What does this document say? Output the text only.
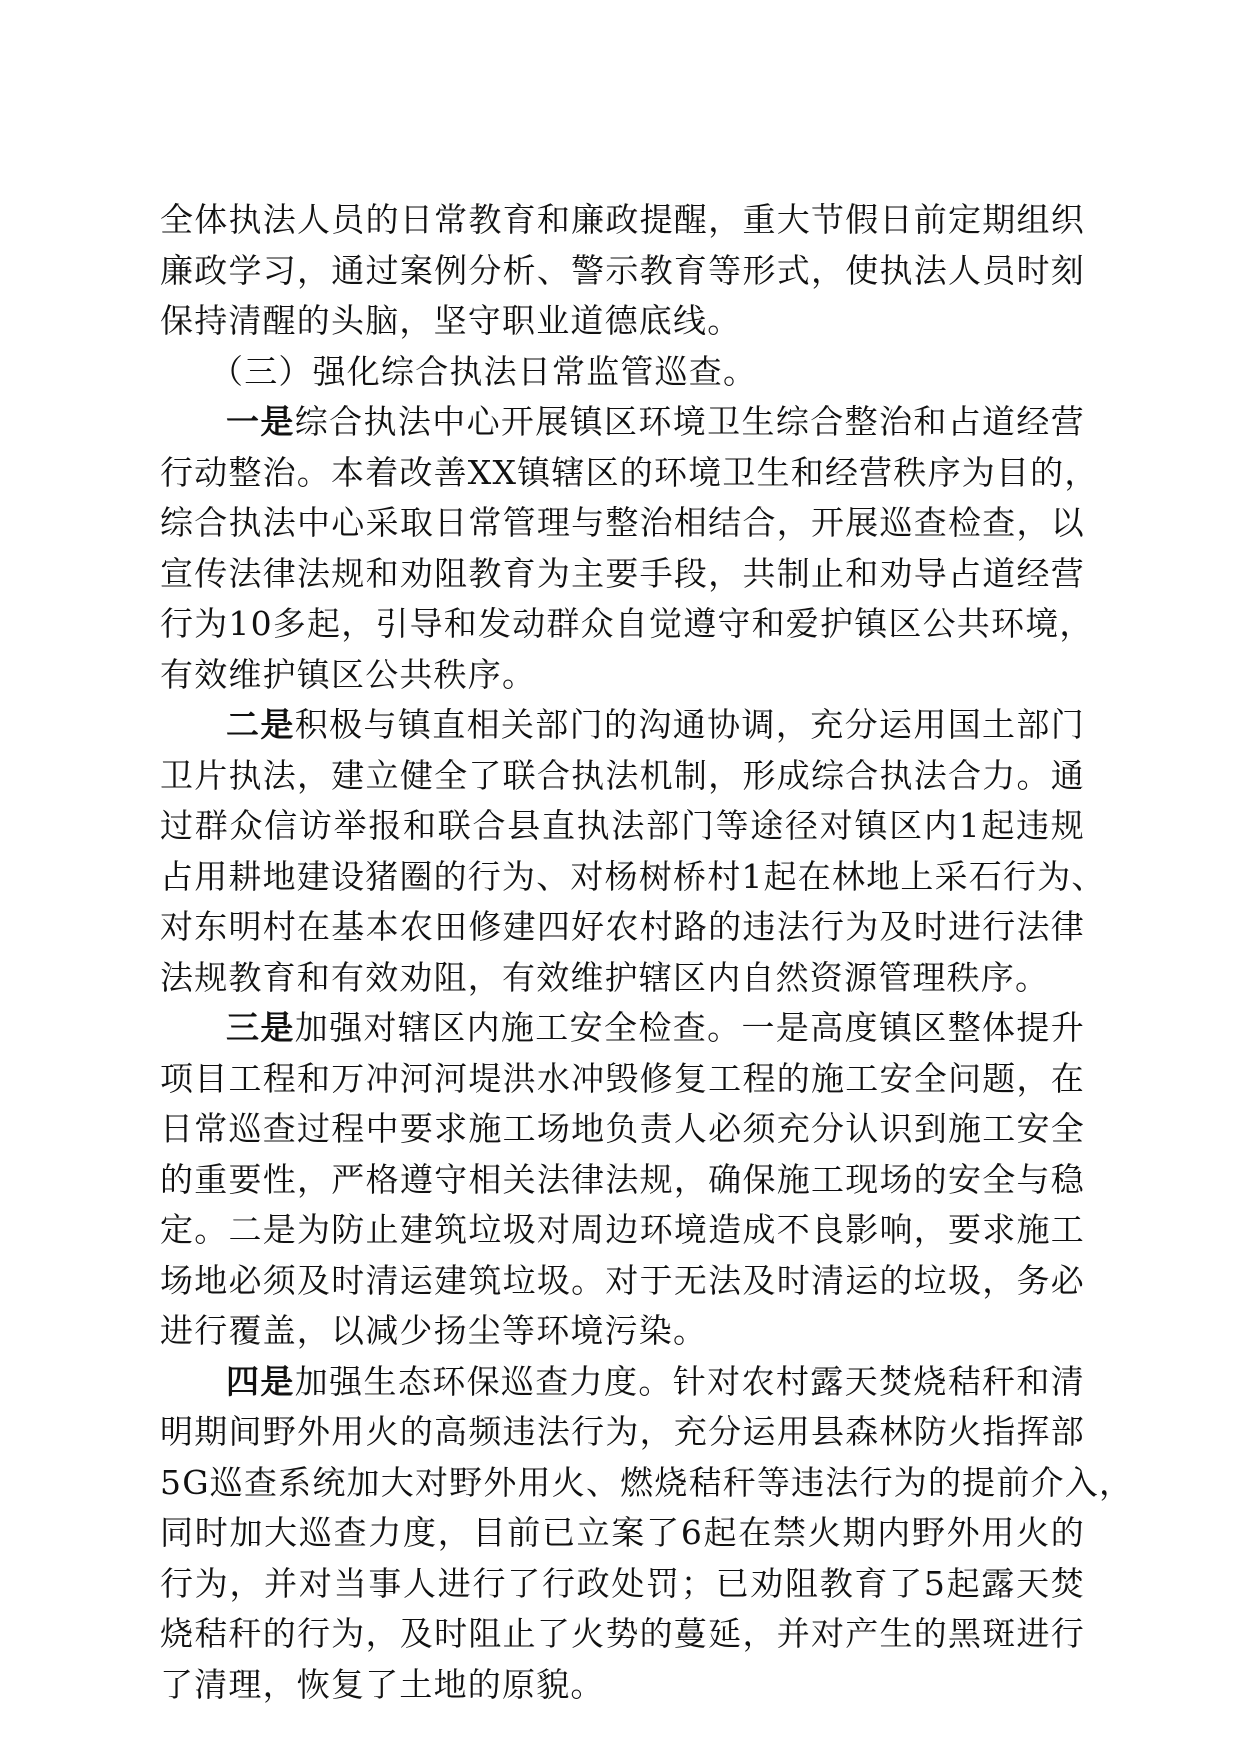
全体执法人员的日常教育和廉政提醒，重大节假日前定期组织
廉政学习，通过案例分析、警示教育等形式，使执法人员时刻
保持清醒的头脑，坚守职业道德底线。
（三）强化综合执法日常监管巡查。
一是综合执法中心开展镇区环境卫生综合整治和占道经营
行动整治。本着改善XX镇辖区的环境卫生和经营秩序为目的，
综合执法中心采取日常管理与整治相结合，开展巡查检查，以
宣传法律法规和劝阻教育为主要手段，共制止和劝导占道经营
行为10多起，引导和发动群众自觉遵守和爱护镇区公共环境，
有效维护镇区公共秩序。
二是积极与镇直相关部门的沟通协调，充分运用国土部门
卫片执法，建立健全了联合执法机制，形成综合执法合力。通
过群众信访举报和联合县直执法部门等途径对镇区内1起违规
占用耕地建设猪圈的行为、对杨树桥村1起在林地上采石行为、
对东明村在基本农田修建四好农村路的违法行为及时进行法律
法规教育和有效劝阻，有效维护辖区内自然资源管理秩序。
三是加强对辖区内施工安全检查。一是高度镇区整体提升
项目工程和万冲河河堤洪水冲毁修复工程的施工安全问题，在
日常巡查过程中要求施工场地负责人必须充分认识到施工安全
的重要性，严格遵守相关法律法规，确保施工现场的安全与稳
定。二是为防止建筑垃圾对周边环境造成不良影响，要求施工
场地必须及时清运建筑垃圾。对于无法及时清运的垃圾，务必
进行覆盖，以减少扬尘等环境污染。
四是加强生态环保巡查力度。针对农村露天焚烧秸秆和清
明期间野外用火的高频违法行为，充分运用县森林防火指挥部
5G巡查系统加大对野外用火、燃烧秸秆等违法行为的提前介入，
同时加大巡查力度，目前已立案了6起在禁火期内野外用火的
行为，并对当事人进行了行政处罚；已劝阻教育了5起露天焚
烧秸秆的行为，及时阻止了火势的蔓延，并对产生的黑斑进行
了清理，恢复了土地的原貌。
